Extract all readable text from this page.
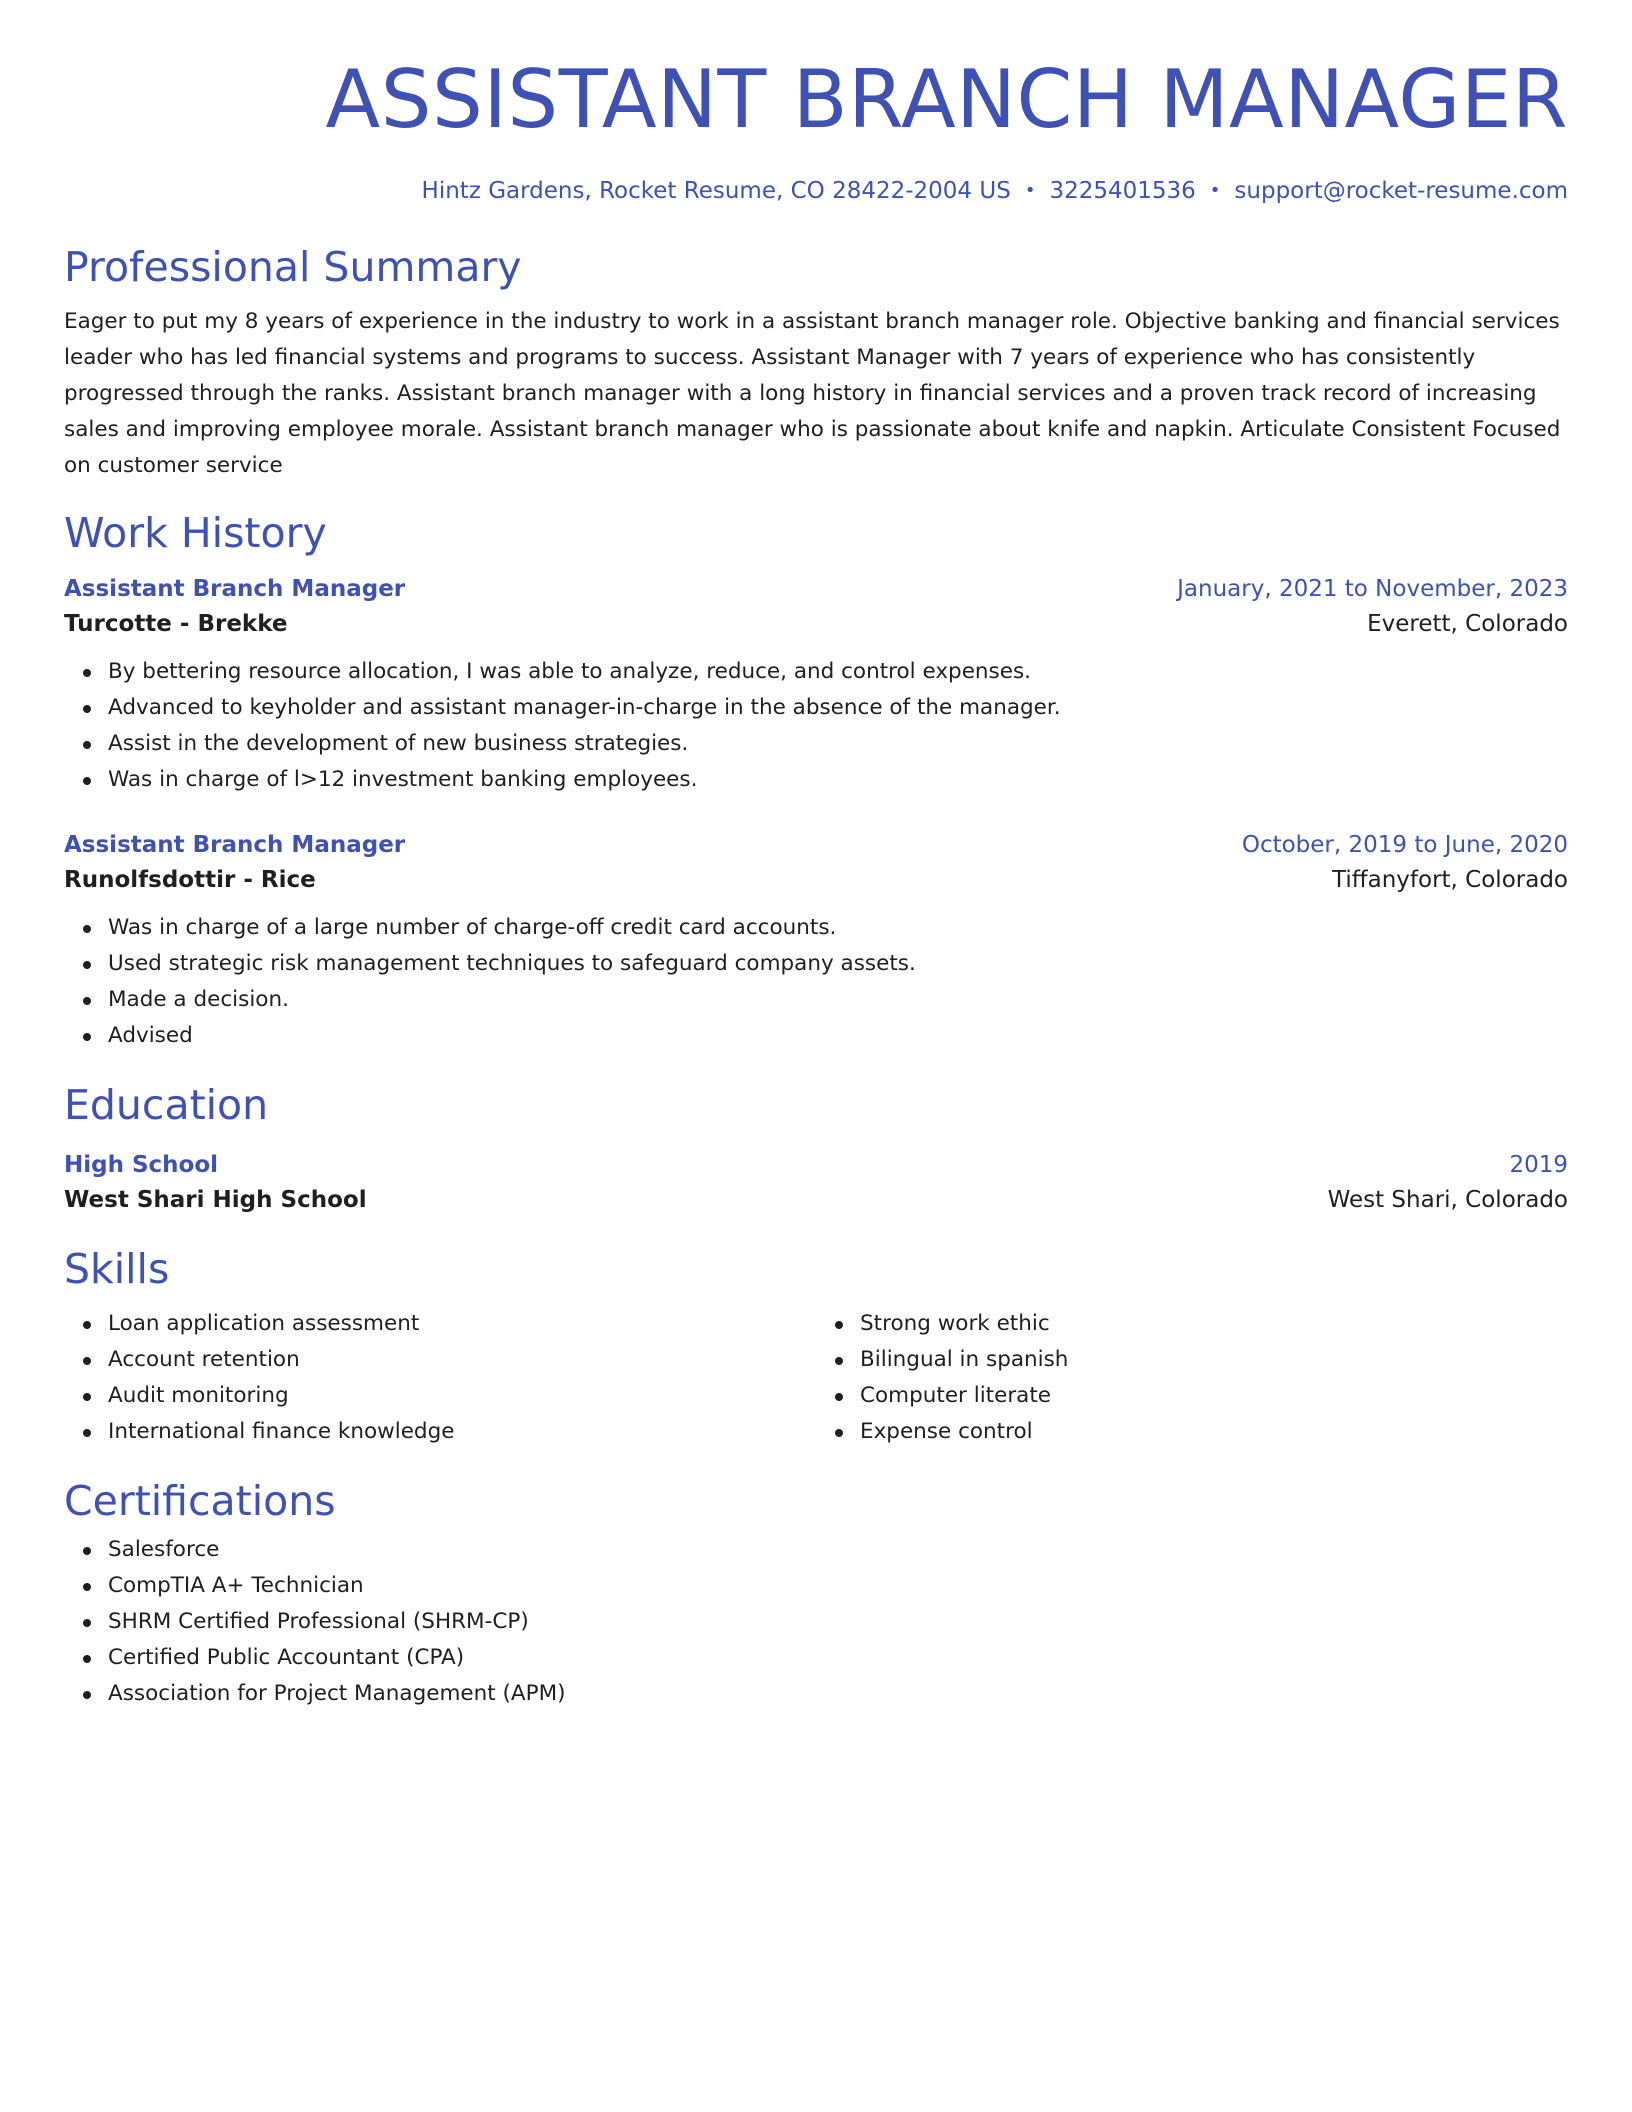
ASSISTANT BRANCH MANAGER
Hintz Gardens, Rocket Resume, CO 28422-2004 US • 3225401536 • support@rocket-resume.com
Professional Summary

Eager to put my 8 years of experience in the industry to work in a assistant branch manager role. Objective banking and financial services leader who has led financial systems and programs to success. Assistant Manager with 7 years of experience who has consistently progressed through the ranks. Assistant branch manager with a long history in financial services and a proven track record of increasing sales and improving employee morale. Assistant branch manager who is passionate about knife and napkin. Articulate Consistent Focused on customer service

Work History
Assistant Branch Manager	January, 2021 to November, 2023
Turcotte - Brekke	Everett, Colorado
By bettering resource allocation, I was able to analyze, reduce, and control expenses.
Advanced to keyholder and assistant manager-in-charge in the absence of the manager.
Assist in the development of new business strategies.
Was in charge of l>12 investment banking employees.
Assistant Branch Manager	October, 2019 to June, 2020
Runolfsdottir - Rice	Tiffanyfort, Colorado
Was in charge of a large number of charge-off credit card accounts.
Used strategic risk management techniques to safeguard company assets.
Made a decision.
Advised
Education
High School	2019
West Shari High School	West Shari, Colorado
Skills
Loan application assessment
Account retention
Audit monitoring
International finance knowledge
Strong work ethic
Bilingual in spanish
Computer literate
Expense control
Certifications
Salesforce
CompTIA A+ Technician
SHRM Certified Professional (SHRM-CP)
Certified Public Accountant (CPA)
Association for Project Management (APM)
